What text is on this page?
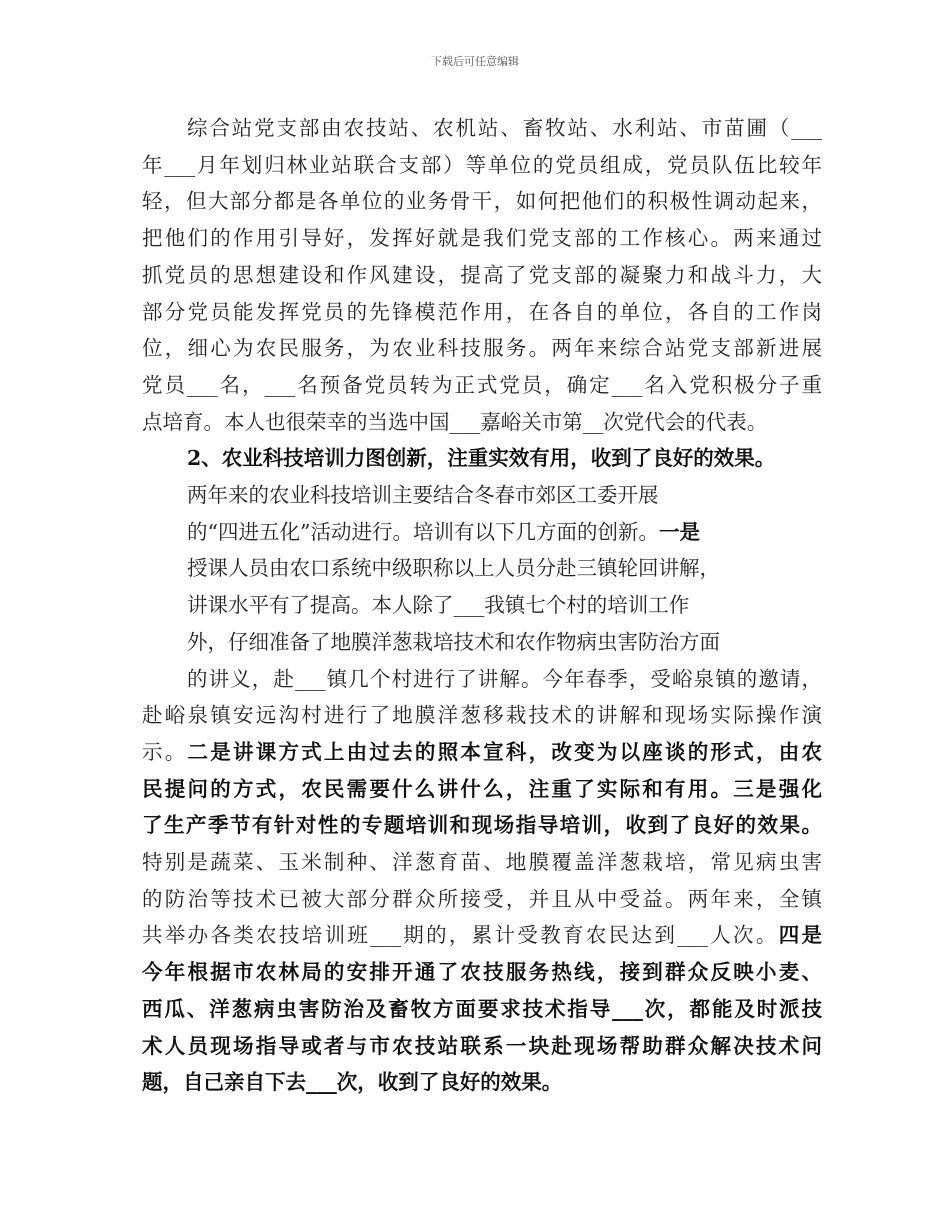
下载后可任意编辑
综合站党支部由农技站、农机站、畜牧站、水利站、市苗圃（___
年___月年划归林业站联合支部）等单位的党员组成，党员队伍比较年
轻，但大部分都是各单位的业务骨干，如何把他们的积极性调动起来，
把他们的作用引导好，发挥好就是我们党支部的工作核心。两来通过
抓党员的思想建设和作风建设，提高了党支部的凝聚力和战斗力，大
部分党员能发挥党员的先锋模范作用，在各自的单位，各自的工作岗
位，细心为农民服务，为农业科技服务。两年来综合站党支部新进展
党员___名，___名预备党员转为正式党员，确定___名入党积极分子重
点培育。本人也很荣幸的当选中国___嘉峪关市第__次党代会的代表。
2、农业科技培训力图创新，注重实效有用，收到了良好的效果。
两年来的农业科技培训主要结合冬春市郊区工委开展
的“四进五化”活动进行。培训有以下几方面的创新。一是
授课人员由农口系统中级职称以上人员分赴三镇轮回讲解，
讲课水平有了提高。本人除了___我镇七个村的培训工作
外，仔细准备了地膜洋葱栽培技术和农作物病虫害防治方面
的讲义，赴___镇几个村进行了讲解。今年春季，受峪泉镇的邀请，
赴峪泉镇安远沟村进行了地膜洋葱移栽技术的讲解和现场实际操作演
示。二是讲课方式上由过去的照本宣科，改变为以座谈的形式，由农
民提问的方式，农民需要什么讲什么，注重了实际和有用。三是强化
了生产季节有针对性的专题培训和现场指导培训，收到了良好的效果。
特别是蔬菜、玉米制种、洋葱育苗、地膜覆盖洋葱栽培，常见病虫害
的防治等技术已被大部分群众所接受，并且从中受益。两年来，全镇
共举办各类农技培训班___期的，累计受教育农民达到___人次。四是
今年根据市农林局的安排开通了农技服务热线，接到群众反映小麦、
西瓜、洋葱病虫害防治及畜牧方面要求技术指导___次，都能及时派技
术人员现场指导或者与市农技站联系一块赴现场帮助群众解决技术问
题，自己亲自下去___次，收到了良好的效果。
